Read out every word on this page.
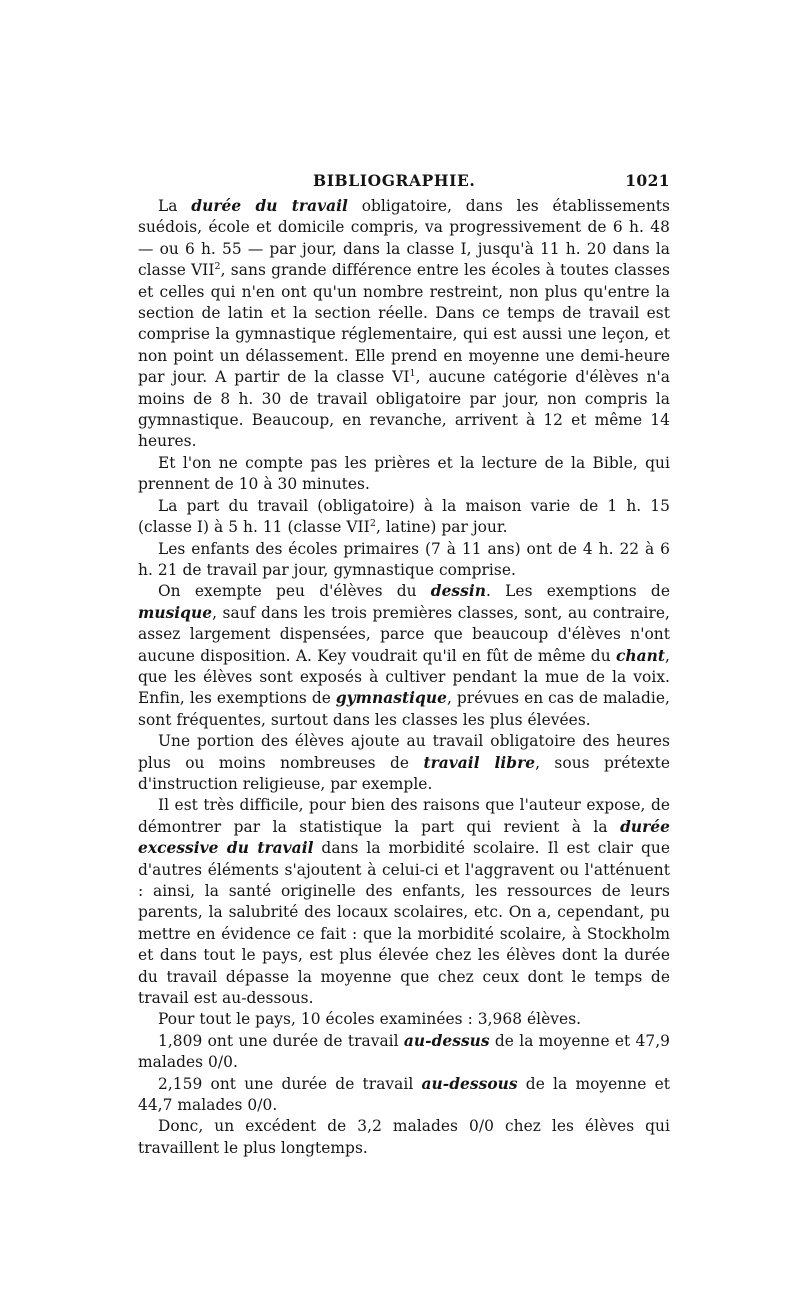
BIBLIOGRAPHIE.	1021

La durée du travail obligatoire, dans les établissements suédois, école et domicile compris, va progressivement de 6 h. 48 — ou 6 h. 55 — par jour, dans la classe I, jusqu'à 11 h. 20 dans la classe VII$^2$, sans grande différence entre les écoles à toutes classes et celles qui n'en ont qu'un nombre restreint, non plus qu'entre la section de latin et la section réelle. Dans ce temps de travail est comprise la gymnastique réglementaire, qui est aussi une leçon, et non point un délassement. Elle prend en moyenne une demi-heure par jour. A partir de la classe $VI^1$, aucune catégorie d'élèves n'a moins de 8 h. 30 de travail obligatoire par jour, non compris la gymnastique. Beaucoup, en revanche, arrivent à 12 et même 14 heures.

Et l'on ne compte pas les prières et la lecture de la Bible, qui prennent de 10 à 30 minutes.

La part du travail (obligatoire) à la maison varie de 1 h. 15 (classe I) à 5 h. 11 (classe VII$^2$, latine) par jour.

Les enfants des écoles primaires (7 à 11 ans) ont de 4 h. 22 à 6 h. 21 de travail par jour, gymnastique comprise.

On exempte peu d'élèves du dessin. Les exemptions de musique, sauf dans les trois premières classes, sont, au contraire, assez largement dispensées, parce que beaucoup d'élèves n'ont aucune disposition. A. Key voudrait qu'il en fût de même du chant, que les élèves sont exposés à cultiver pendant la mue de la voix. Enfin, les exemptions de gymnastique, prévues en cas de maladie, sont fréquentes, surtout dans les classes les plus élevées.

Une portion des élèves ajoute au travail obligatoire des heures plus ou moins nombreuses de travail libre, sous prétexte d'instruction religieuse, par exemple.

Il est très difficile, pour bien des raisons que l'auteur expose, de démontrer par la statistique la part qui revient à la durée excessive du travail dans la morbidité scolaire. Il est clair que d'autres éléments s'ajoutent à celui-ci et l'aggravent ou l'atténuent : ainsi, la santé originelle des enfants, les ressources de leurs parents, la salubrité des locaux scolaires, etc. On a, cependant, pu mettre en évidence ce fait : que la morbidité scolaire, à Stockholm et dans tout le pays, est plus élevée chez les élèves dont la durée du travail dépasse la moyenne que chez ceux dont le temps de travail est au-dessous.

Pour tout le pays, 10 écoles examinées : 3,968 élèves.

1,809 ont une durée de travail au-dessus de la moyenne et 47,9 malades 0/0.

2,159 ont une durée de travail au-dessous de la moyenne et 44,7 malades 0/0.

Donc, un excédent de 3,2 malades 0/0 chez les élèves qui travaillent le plus longtemps.
